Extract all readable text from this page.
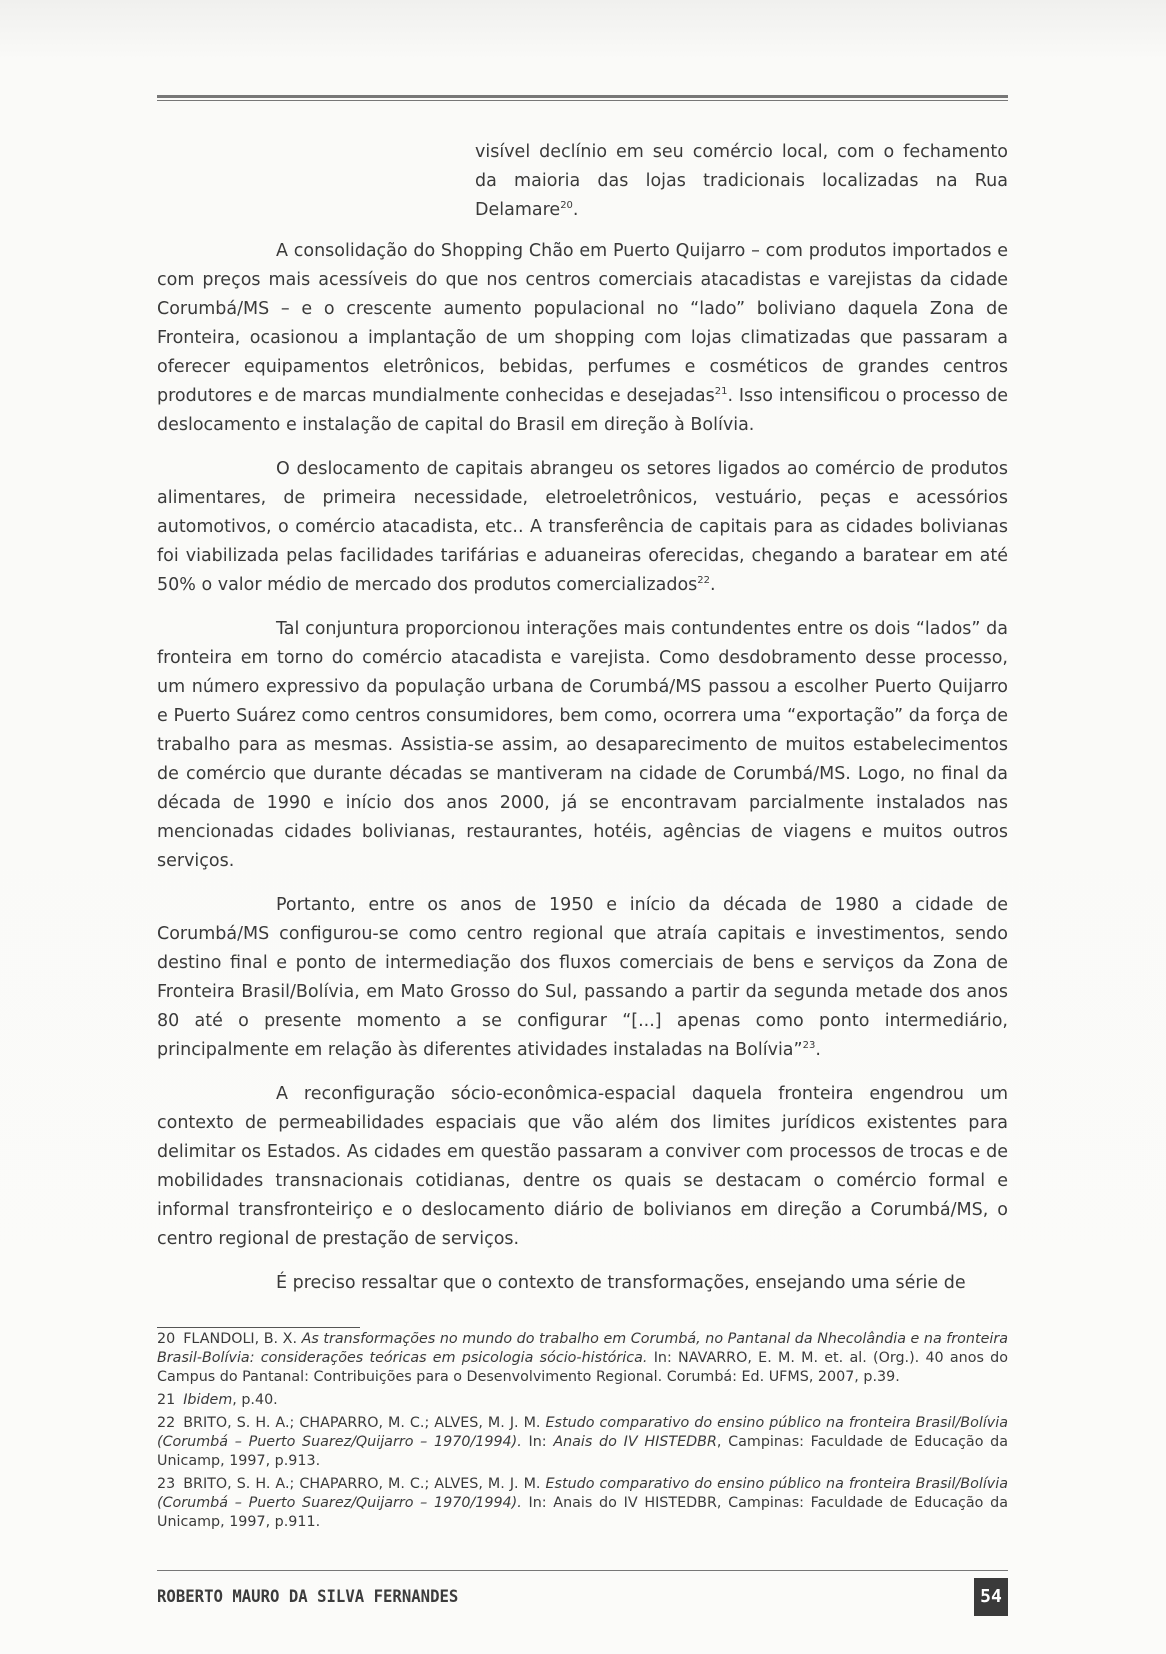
visível declínio em seu comércio local, com o fechamento da maioria das lojas tradicionais localizadas na Rua Delamare$^{20}$.

A consolidação do Shopping Chão em Puerto Quijarro – com produtos importados e com preços mais acessíveis do que nos centros comerciais atacadistas e varejistas da cidade Corumbá/MS – e o crescente aumento populacional no “lado” boliviano daquela Zona de Fronteira, ocasionou a implantação de um shopping com lojas climatizadas que passaram a oferecer equipamentos eletrônicos, bebidas, perfumes e cosméticos de grandes centros produtores e de marcas mundialmente conhecidas e desejadas$^{21}$. Isso intensificou o processo de deslocamento e instalação de capital do Brasil em direção à Bolívia.

O deslocamento de capitais abrangeu os setores ligados ao comércio de produtos alimentares, de primeira necessidade, eletroeletrônicos, vestuário, peças e acessórios automotivos, o comércio atacadista, etc.. A transferência de capitais para as cidades bolivianas foi viabilizada pelas facilidades tarifárias e aduaneiras oferecidas, chegando a baratear em até 50% o valor médio de mercado dos produtos comercializados$^{22}$.

Tal conjuntura proporcionou interações mais contundentes entre os dois “lados” da fronteira em torno do comércio atacadista e varejista. Como desdobramento desse processo, um número expressivo da população urbana de Corumbá/MS passou a escolher Puerto Quijarro e Puerto Suárez como centros consumidores, bem como, ocorrera uma “exportação” da força de trabalho para as mesmas. Assistia-se assim, ao desaparecimento de muitos estabelecimentos de comércio que durante décadas se mantiveram na cidade de Corumbá/MS. Logo, no final da década de 1990 e início dos anos 2000, já se encontravam parcialmente instalados nas mencionadas cidades bolivianas, restaurantes, hotéis, agências de viagens e muitos outros serviços.

Portanto, entre os anos de 1950 e início da década de 1980 a cidade de Corumbá/MS configurou-se como centro regional que atraía capitais e investimentos, sendo destino final e ponto de intermediação dos fluxos comerciais de bens e serviços da Zona de Fronteira Brasil/Bolívia, em Mato Grosso do Sul, passando a partir da segunda metade dos anos 80 até o presente momento a se configurar “[...] apenas como ponto intermediário, principalmente em relação às diferentes atividades instaladas na Bolívia”$^{23}$.

A reconfiguração sócio-econômica-espacial daquela fronteira engendrou um contexto de permeabilidades espaciais que vão além dos limites jurídicos existentes para delimitar os Estados. As cidades em questão passaram a conviver com processos de trocas e de mobilidades transnacionais cotidianas, dentre os quais se destacam o comércio formal e informal transfronteiriço e o deslocamento diário de bolivianos em direção a Corumbá/MS, o centro regional de prestação de serviços.

É preciso ressaltar que o contexto de transformações, ensejando uma série de

20 FLANDOLI, B. X. As transformações no mundo do trabalho em Corumbá, no Pantanal da Nhecolândia e na fronteira Brasil-Bolívia: considerações teóricas em psicologia sócio-histórica. In: NAVARRO, E. M. M. et. al. (Org.). 40 anos do Campus do Pantanal: Contribuições para o Desenvolvimento Regional. Corumbá: Ed. UFMS, 2007, p.39.
21 Ibidem, p.40.
22 BRITO, S. H. A.; CHAPARRO, M. C.; ALVES, M. J. M. Estudo comparativo do ensino público na fronteira Brasil/Bolívia (Corumbá – Puerto Suarez/Quijarro – 1970/1994). In: Anais do IV HISTEDBR, Campinas: Faculdade de Educação da Unicamp, 1997, p.913.
23 BRITO, S. H. A.; CHAPARRO, M. C.; ALVES, M. J. M. Estudo comparativo do ensino público na fronteira Brasil/Bolívia (Corumbá – Puerto Suarez/Quijarro – 1970/1994). In: Anais do IV HISTEDBR, Campinas: Faculdade de Educação da Unicamp, 1997, p.911.
ROBERTO MAURO DA SILVA FERNANDES	54
